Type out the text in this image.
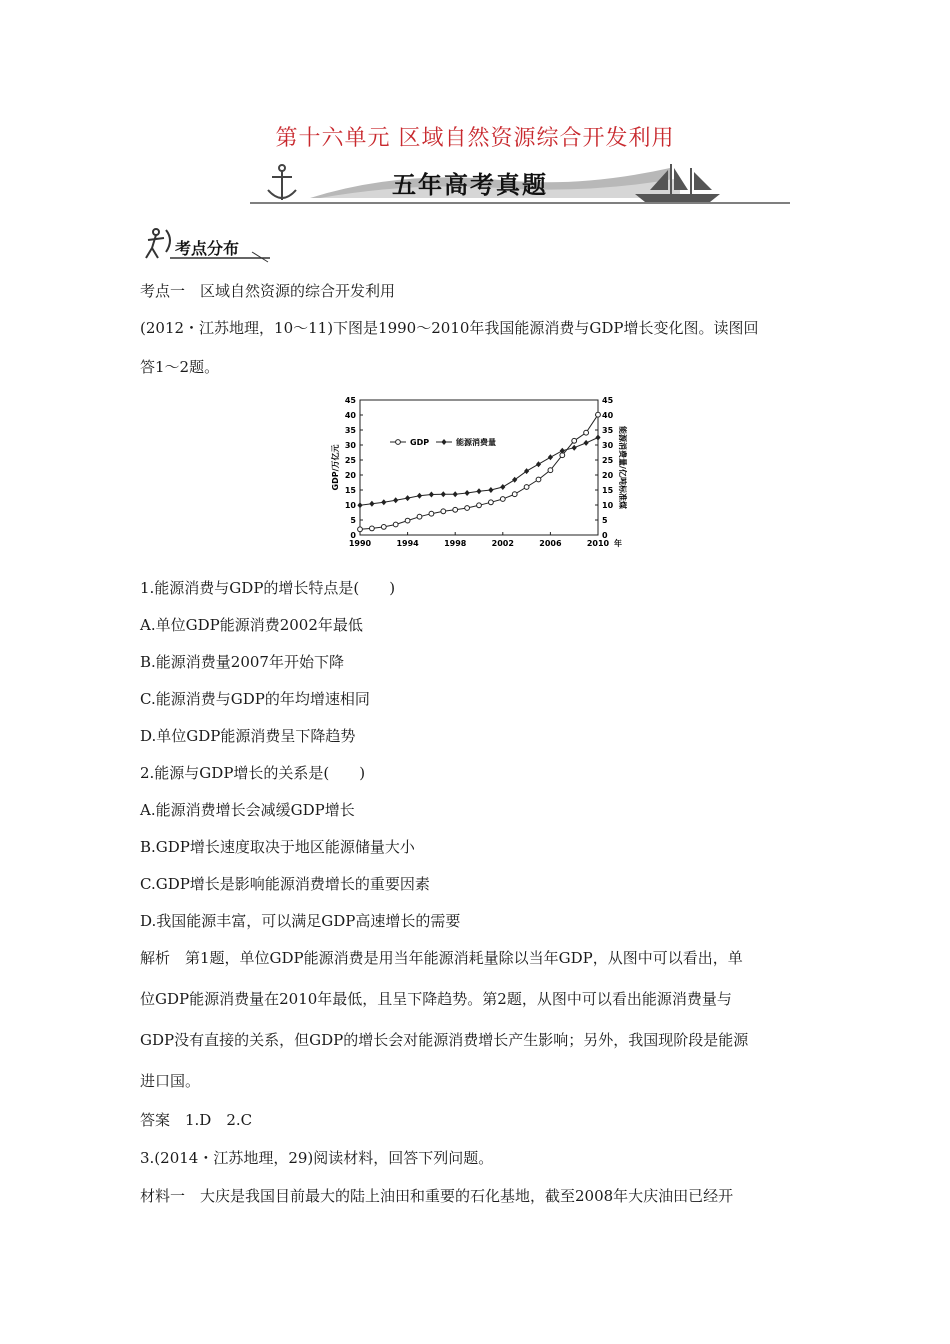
第十六单元 区域自然资源综合开发利用
五年高考真题
考点分布
考点一　区域自然资源的综合开发利用
(2012・江苏地理，10～11)下图是1990～2010年我国能源消费与GDP增长变化图。读图回
答1～2题。
0	0
5	5
10	10
15	15
20	20
25	25
30	30
35	35
40	40
45	45
1990	1994	1998	2002	2006	2010 年
GDP/万亿元	能源消费量/亿吨标准煤
GDP	能源消费量
1.能源消费与GDP的增长特点是(　　)
A.单位GDP能源消费2002年最低
B.能源消费量2007年开始下降
C.能源消费与GDP的年均增速相同
D.单位GDP能源消费呈下降趋势
2.能源与GDP增长的关系是(　　)
A.能源消费增长会减缓GDP增长
B.GDP增长速度取决于地区能源储量大小
C.GDP增长是影响能源消费增长的重要因素
D.我国能源丰富，可以满足GDP高速增长的需要
解析　第1题，单位GDP能源消费是用当年能源消耗量除以当年GDP，从图中可以看出，单
位GDP能源消费量在2010年最低，且呈下降趋势。第2题，从图中可以看出能源消费量与
GDP没有直接的关系，但GDP的增长会对能源消费增长产生影响；另外，我国现阶段是能源
进口国。
答案　1.D　2.C
3.(2014・江苏地理，29)阅读材料，回答下列问题。
材料一　大庆是我国目前最大的陆上油田和重要的石化基地，截至2008年大庆油田已经开
